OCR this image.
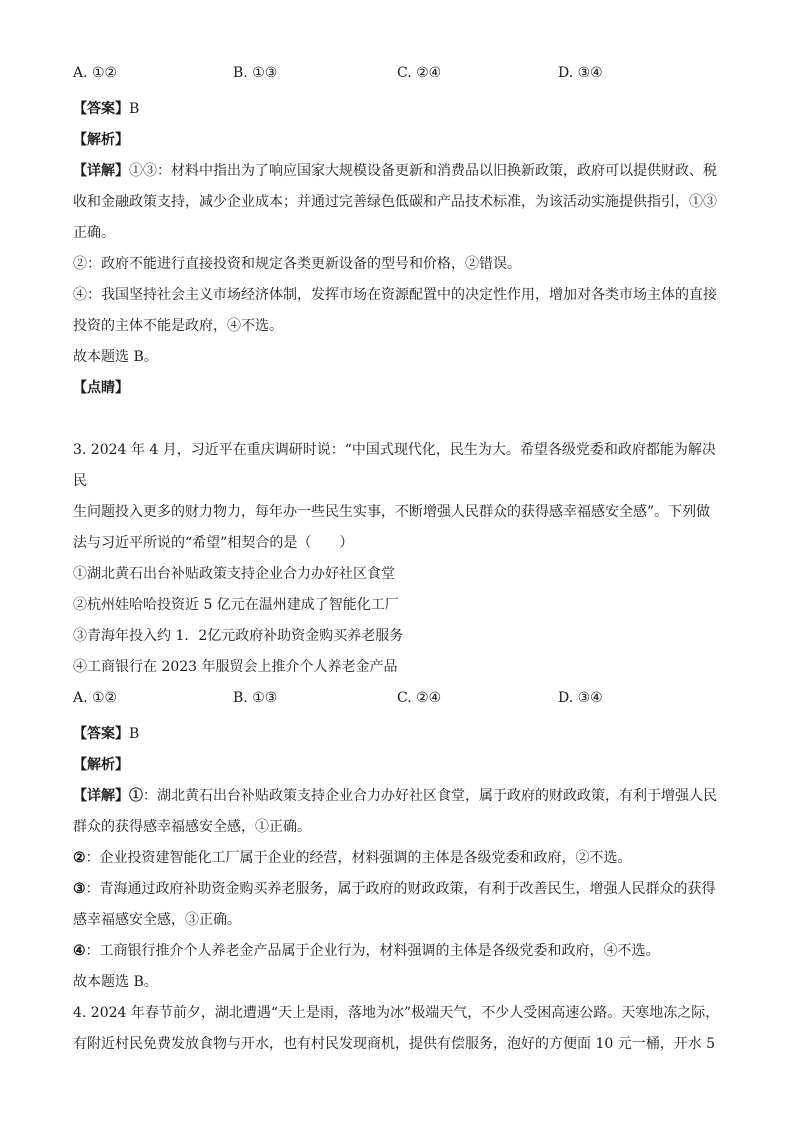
A. ①②	B. ①③	C. ②④	D. ③④
【答案】B
【解析】
【详解】①③：材料中指出为了响应国家大规模设备更新和消费品以旧换新政策，政府可以提供财政、税
收和金融政策支持，减少企业成本；并通过完善绿色低碳和产品技术标准，为该活动实施提供指引，①③
正确。
②：政府不能进行直接投资和规定各类更新设备的型号和价格，②错误。
④：我国坚持社会主义市场经济体制，发挥市场在资源配置中的决定性作用，增加对各类市场主体的直接
投资的主体不能是政府，④不选。
故本题选 B。
【点睛】
3. 2024 年 4 月，习近平在重庆调研时说：“中国式现代化，民生为大。希望各级党委和政府都能为解决民
生问题投入更多的财力物力，每年办一些民生实事，不断增强人民群众的获得感幸福感安全感”。下列做
法与习近平所说的“希望”相契合的是（　　）
①湖北黄石出台补贴政策支持企业合力办好社区食堂
②杭州娃哈哈投资近 5 亿元在温州建成了智能化工厂
③青海年投入约 1．2亿元政府补助资金购买养老服务
④工商银行在 2023 年服贸会上推介个人养老金产品
A. ①②	B. ①③	C. ②④	D. ③④
【答案】B
【解析】
【详解】①：湖北黄石出台补贴政策支持企业合力办好社区食堂，属于政府的财政政策，有利于增强人民
群众的获得感幸福感安全感，①正确。
②：企业投资建智能化工厂属于企业的经营，材料强调的主体是各级党委和政府，②不选。
③：青海通过政府补助资金购买养老服务，属于政府的财政政策，有利于改善民生，增强人民群众的获得
感幸福感安全感，③正确。
④：工商银行推介个人养老金产品属于企业行为，材料强调的主体是各级党委和政府，④不选。
故本题选 B。
4. 2024 年春节前夕，湖北遭遇“天上是雨，落地为冰”极端天气，不少人受困高速公路。天寒地冻之际，
有附近村民免费发放食物与开水，也有村民发现商机，提供有偿服务，泡好的方便面 10 元一桶，开水 5
